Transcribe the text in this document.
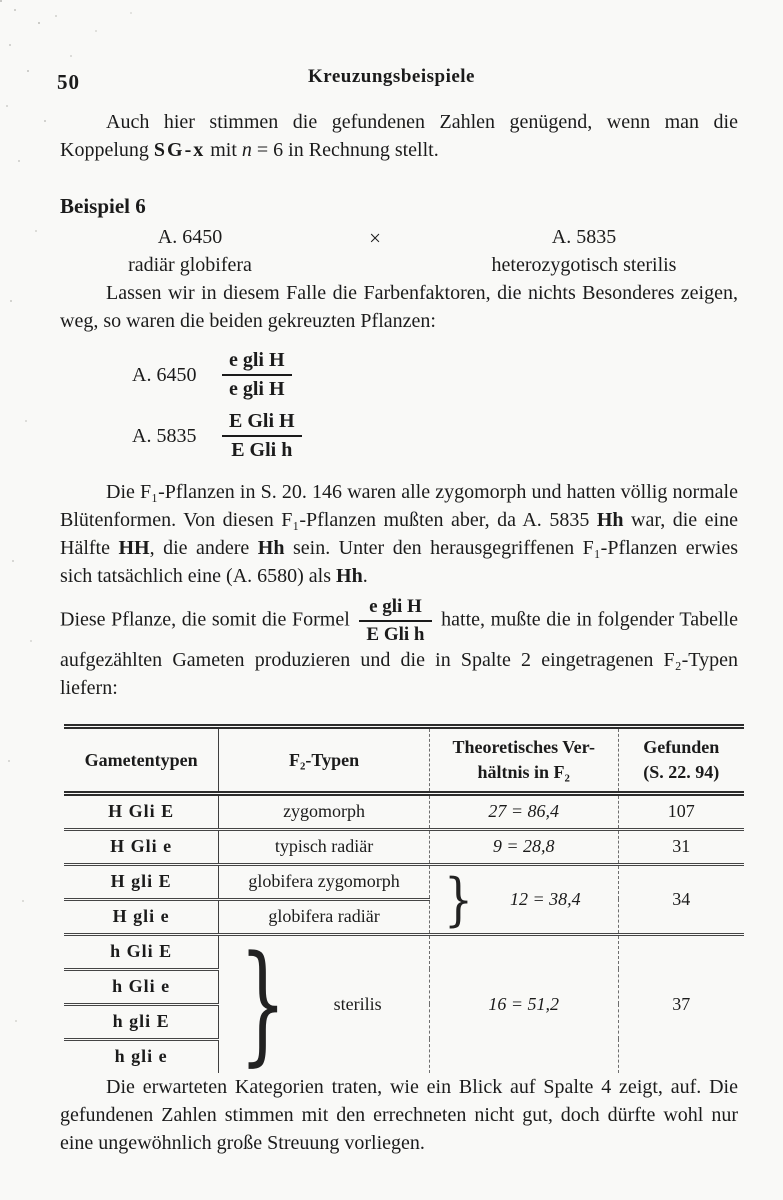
50	Kreuzungsbeispiele

Auch hier stimmen die gefundenen Zahlen genügend, wenn man die Koppelung SG-x mit n = 6 in Rechnung stellt.

Beispiel 6
A. 6450
radiär globifera
×	A. 5835
heterozygotisch sterilis

Lassen wir in diesem Falle die Farbenfaktoren, die nichts Besonderes zeigen, weg, so waren die beiden gekreuzten Pflanzen:

A. 6450	$\frac{\text{e gli H}}{\text{e gli H}}$
A. 5835	$\frac{\text{E Gli H}}{\text{E Gli h}}$

Die F₁-Pflanzen in S. 20. 146 waren alle zygomorph und hatten völlig normale Blütenformen. Von diesen F₁-Pflanzen mußten aber, da A. 5835 Hh war, die eine Hälfte HH, die andere Hh sein. Unter den herausgegriffenen F₁-Pflanzen erwies sich tatsächlich eine (A. 6580) als Hh.

Diese Pflanze, die somit die Formel $\frac{\text{e gli H}}{\text{E Gli h}}$ hatte, mußte die in folgender Tabelle aufgezählten Gameten produzieren und die in Spalte 2 eingetragenen F₂-Typen liefern:

Gametentypen	F₂-Typen	Theoretisches Ver-
hältnis in F₂	Gefunden
(S. 22. 94)

H Gli E	zygomorph	27 = 86,4	107
H Gli e	typisch radiär	9 = 28,8	31
H gli E	globifera zygomorph	} 12 = 38,4	34
H gli e	globifera radiär		
h Gli E	} sterilis	16 = 51,2	37
h Gli e			
h gli E			
h gli e			

Die erwarteten Kategorien traten, wie ein Blick auf Spalte 4 zeigt, auf. Die gefundenen Zahlen stimmen mit den errechneten nicht gut, doch dürfte wohl nur eine ungewöhnlich große Streuung vorliegen.
